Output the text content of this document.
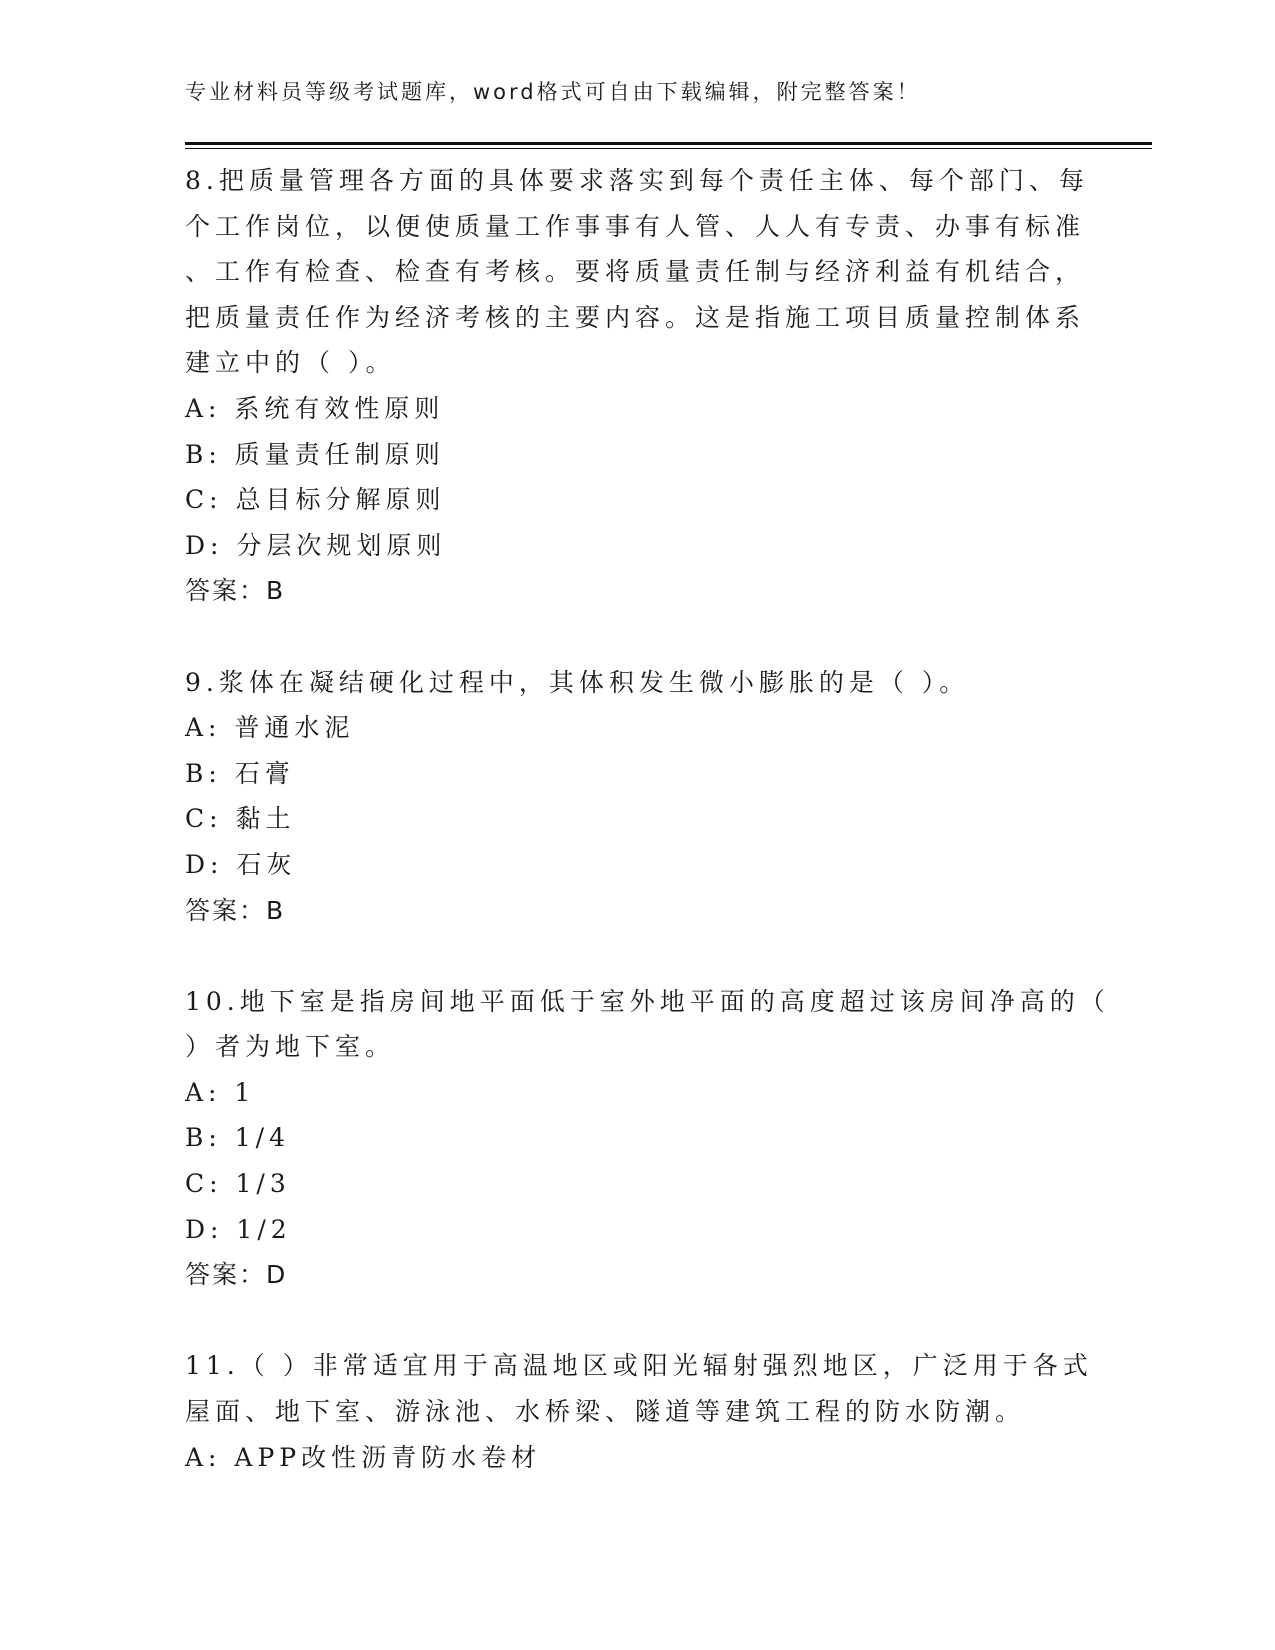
专业材料员等级考试题库，word格式可自由下载编辑，附完整答案！
8.把质量管理各方面的具体要求落实到每个责任主体、每个部门、每
个工作岗位，以便使质量工作事事有人管、人人有专责、办事有标准
、工作有检查、检查有考核。要将质量责任制与经济利益有机结合，
把质量责任作为经济考核的主要内容。这是指施工项目质量控制体系
建立中的（ ）。
A: 系统有效性原则
B: 质量责任制原则
C: 总目标分解原则
D: 分层次规划原则
答案：B
9.浆体在凝结硬化过程中，其体积发生微小膨胀的是（ ）。
A: 普通水泥
B: 石膏
C: 黏土
D: 石灰
答案：B
10.地下室是指房间地平面低于室外地平面的高度超过该房间净高的（
）者为地下室。
A: 1
B: 1/4
C: 1/3
D: 1/2
答案：D
11.（ ）非常适宜用于高温地区或阳光辐射强烈地区，广泛用于各式
屋面、地下室、游泳池、水桥梁、隧道等建筑工程的防水防潮。
A: APP改性沥青防水卷材
